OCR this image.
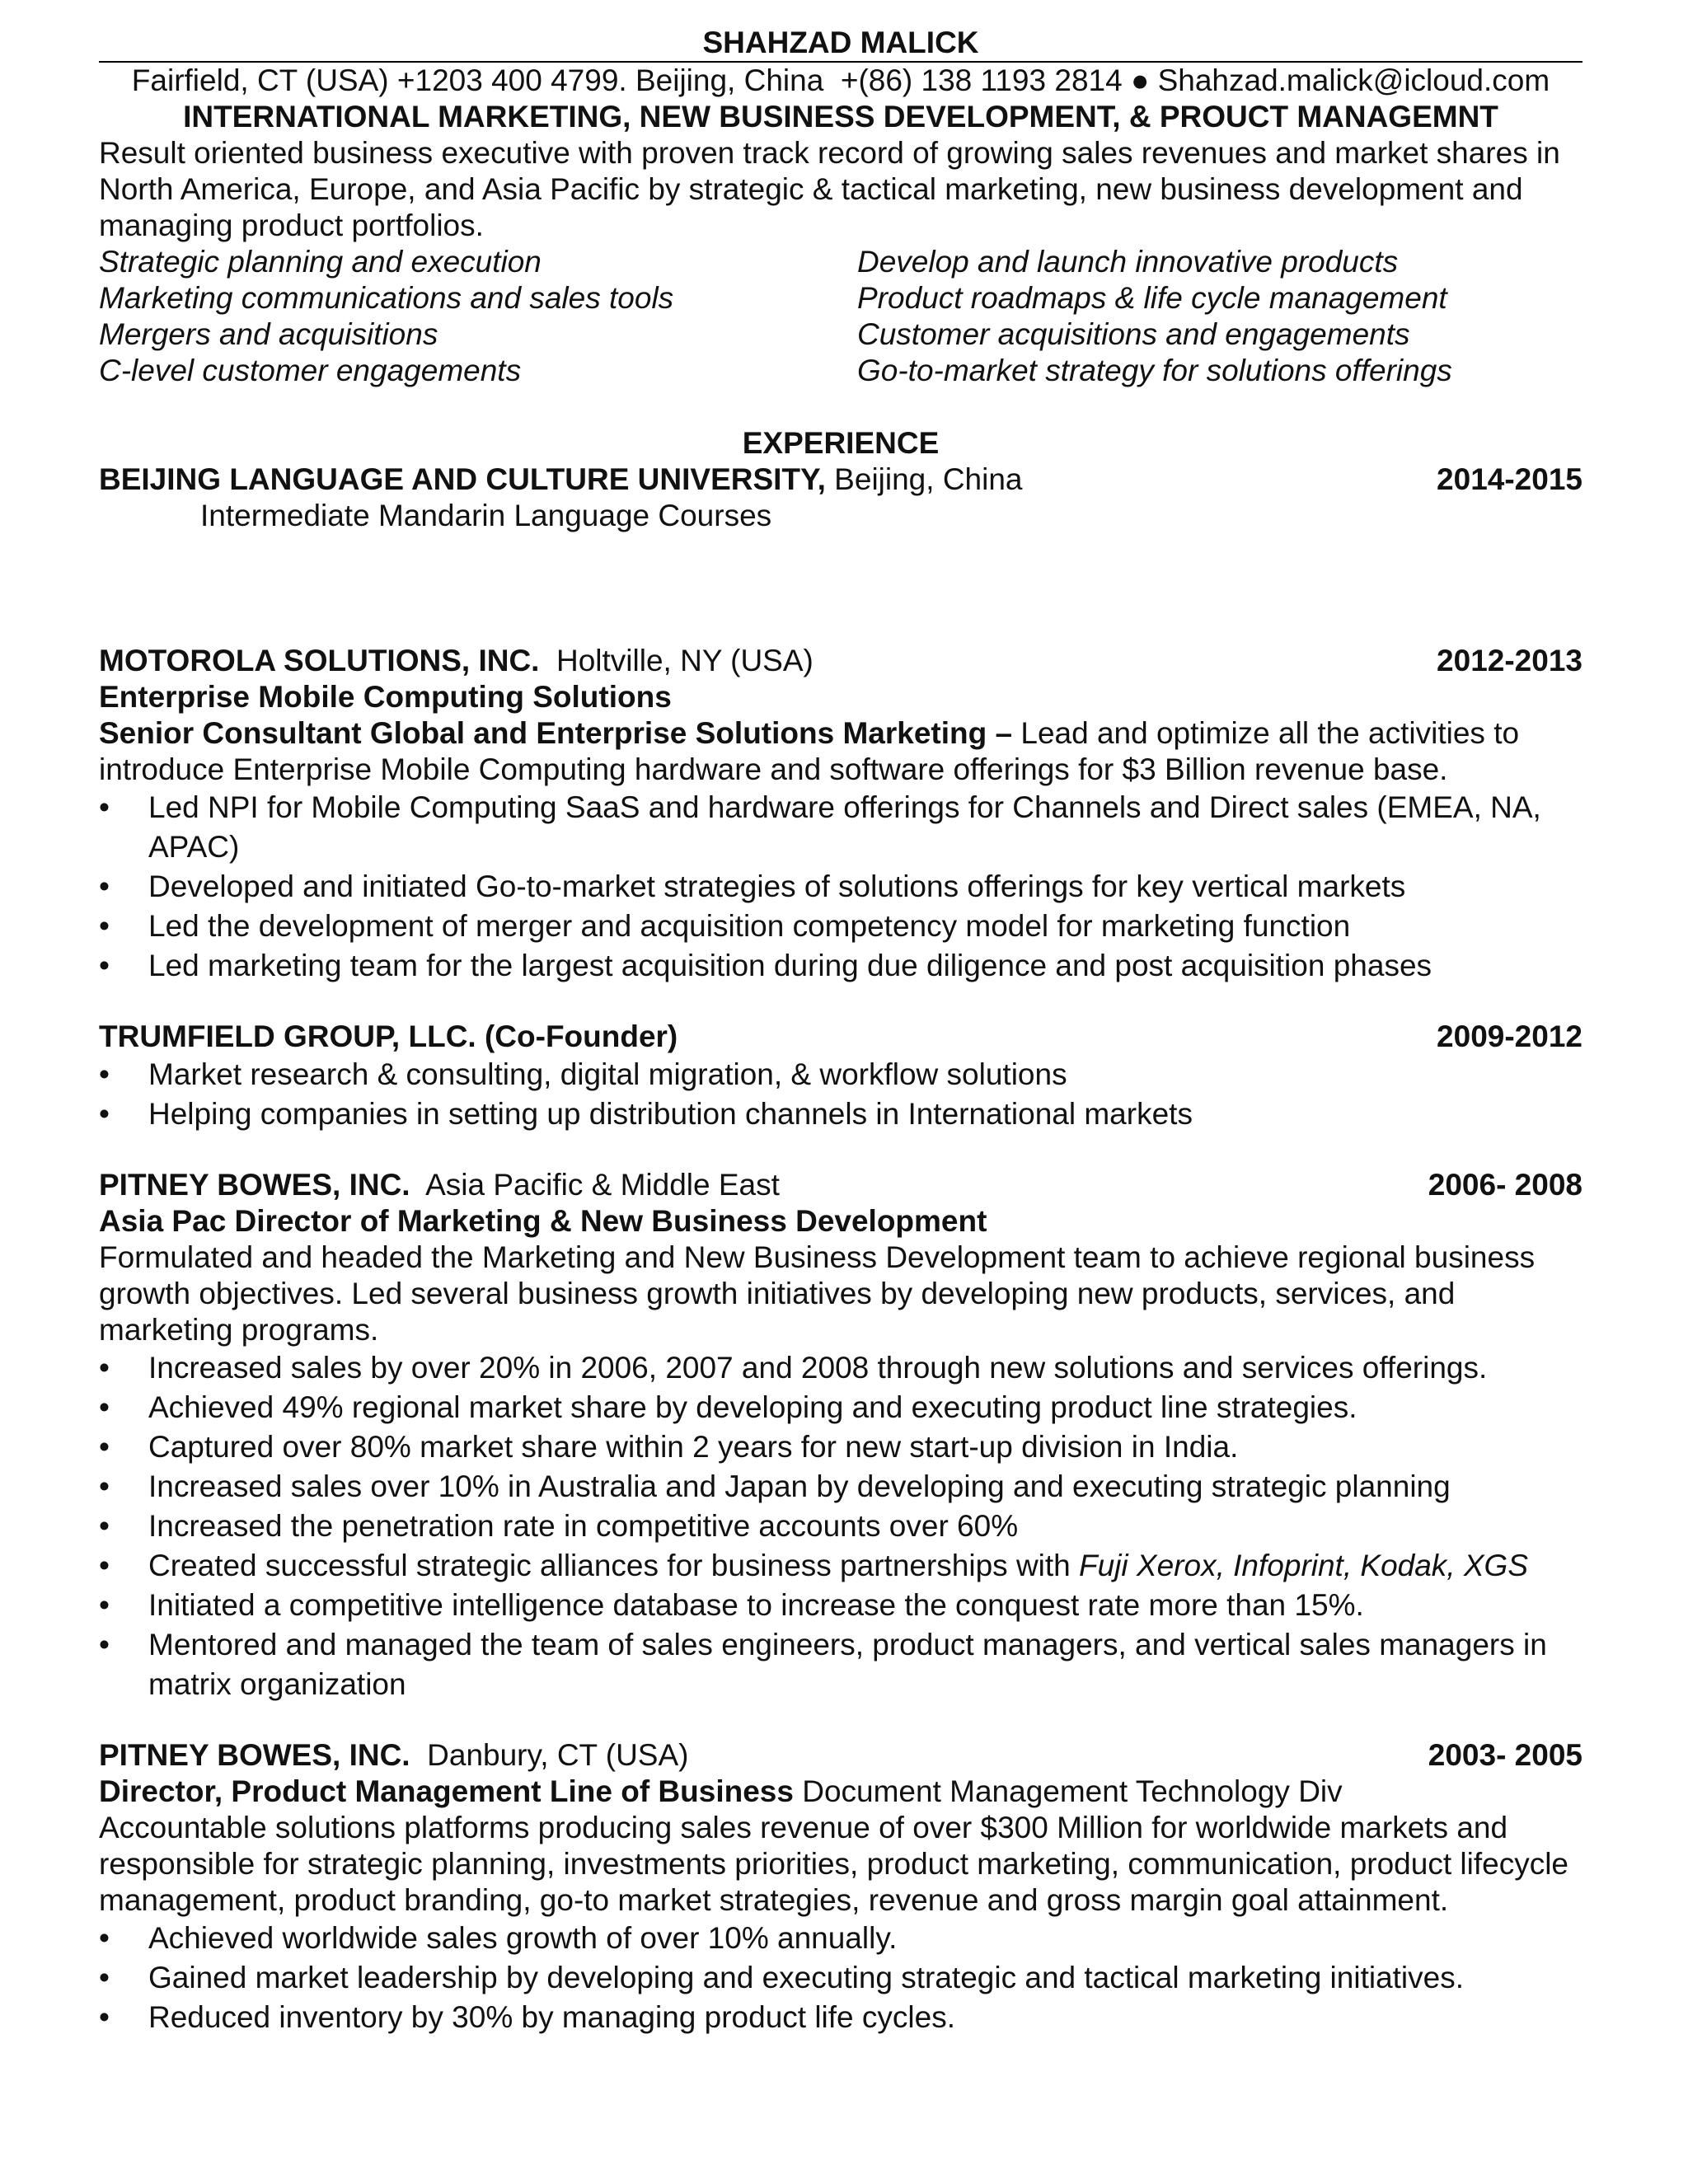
SHAHZAD MALICK
Fairfield, CT (USA) +1203 400 4799. Beijing, China  +(86) 138 1193 2814 ● Shahzad.malick@icloud.com
INTERNATIONAL MARKETING, NEW BUSINESS DEVELOPMENT, & PROUCT MANAGEMNT

Result oriented business executive with proven track record of growing sales revenues and market shares in North America, Europe, and Asia Pacific by strategic & tactical marketing, new business development and managing product portfolios.

Strategic planning and execution	Develop and launch innovative products
Marketing communications and sales tools	Product roadmaps & life cycle management
Mergers and acquisitions	Customer acquisitions and engagements
C-level customer engagements	Go-to-market strategy for solutions offerings
EXPERIENCE
BEIJING LANGUAGE AND CULTURE UNIVERSITY, Beijing, China	2014-2015
Intermediate Mandarin Language Courses
MOTOROLA SOLUTIONS, INC.  Holtville, NY (USA)	2012-2013
Enterprise Mobile Computing Solutions

Senior Consultant Global and Enterprise Solutions Marketing – Lead and optimize all the activities to introduce Enterprise Mobile Computing hardware and software offerings for $3 Billion revenue base.

• Led NPI for Mobile Computing SaaS and hardware offerings for Channels and Direct sales (EMEA, NA, APAC)
• Developed and initiated Go-to-market strategies of solutions offerings for key vertical markets
• Led the development of merger and acquisition competency model for marketing function
• Led marketing team for the largest acquisition during due diligence and post acquisition phases
TRUMFIELD GROUP, LLC. (Co-Founder)	2009-2012
• Market research & consulting, digital migration, & workflow solutions
• Helping companies in setting up distribution channels in International markets
PITNEY BOWES, INC.  Asia Pacific & Middle East	2006- 2008
Asia Pac Director of Marketing & New Business Development

Formulated and headed the Marketing and New Business Development team to achieve regional business growth objectives. Led several business growth initiatives by developing new products, services, and marketing programs.

• Increased sales by over 20% in 2006, 2007 and 2008 through new solutions and services offerings.
• Achieved 49% regional market share by developing and executing product line strategies.
• Captured over 80% market share within 2 years for new start-up division in India.
• Increased sales over 10% in Australia and Japan by developing and executing strategic planning
• Increased the penetration rate in competitive accounts over 60%
• Created successful strategic alliances for business partnerships with Fuji Xerox, Infoprint, Kodak, XGS
• Initiated a competitive intelligence database to increase the conquest rate more than 15%.
• Mentored and managed the team of sales engineers, product managers, and vertical sales managers in matrix organization
PITNEY BOWES, INC.  Danbury, CT (USA)	2003- 2005
Director, Product Management Line of Business Document Management Technology Div

Accountable solutions platforms producing sales revenue of over $300 Million for worldwide markets and responsible for strategic planning, investments priorities, product marketing, communication, product lifecycle management, product branding, go-to market strategies, revenue and gross margin goal attainment.

• Achieved worldwide sales growth of over 10% annually.
• Gained market leadership by developing and executing strategic and tactical marketing initiatives.
• Reduced inventory by 30% by managing product life cycles.
